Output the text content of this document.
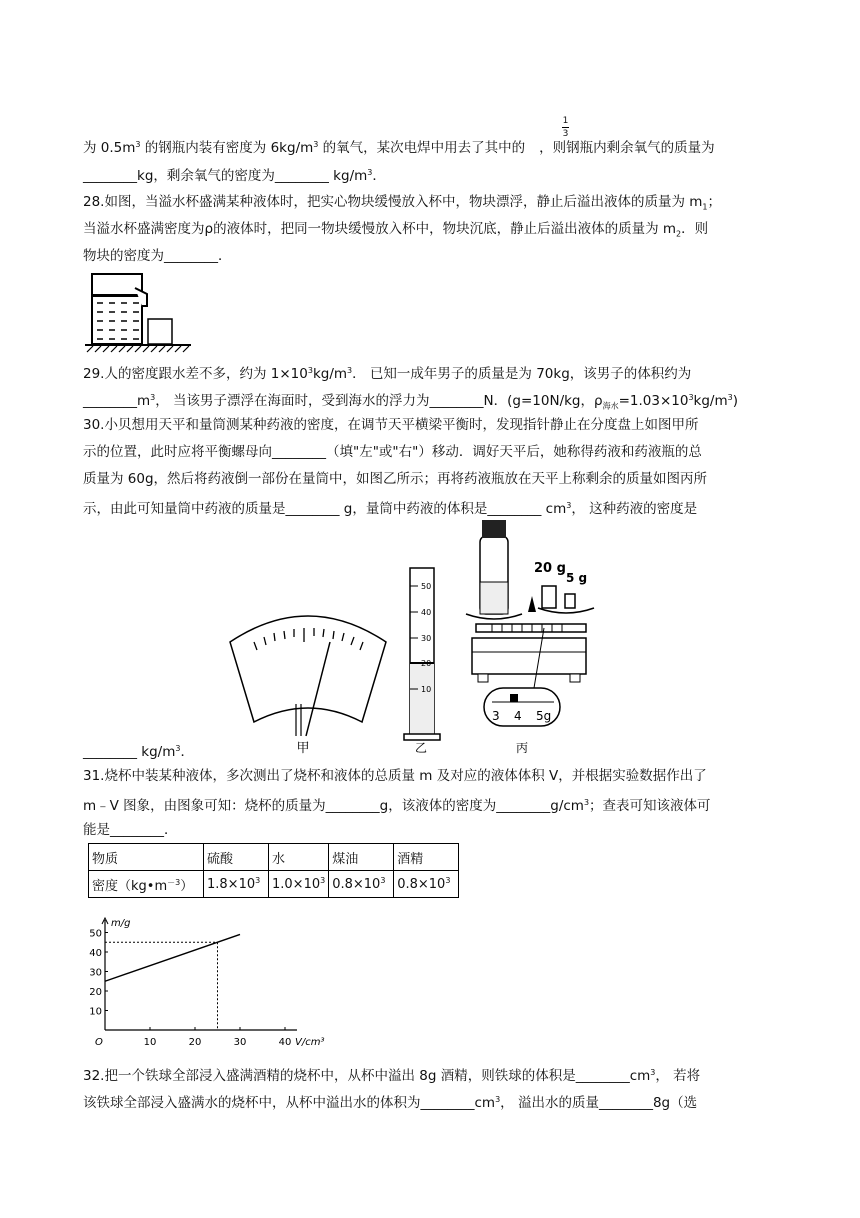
1
3
为 $0.5m^3$ 的钢瓶内装有密度为 $6kg/m^3$ 的氧气，某次电焊中用去了其中的 ，则钢瓶内剩余氧气的质量为
________kg，剩余氧气的密度为________ $kg/m^3$．
28.如图，当溢水杯盛满某种液体时，把实心物块缓慢放入杯中，物块漂浮，静止后溢出液体的质量为 $m_1$；
当溢水杯盛满密度为ρ的液体时，把同一物块缓慢放入杯中，物块沉底，静止后溢出液体的质量为 $m_2$．则
物块的密度为________．
29.人的密度跟水差不多，约为 $1\times 10^3kg/m^3$． 已知一成年男子的质量是为 70kg，该男子的体积约为
$\_\_\_\_\_\_\_\_m^3$， 当该男子漂浮在海面时，受到海水的浮力为________N．(g=10N/kg，$\rho_{海水}=1.03\times 10^3kg/m^3$)
30.小贝想用天平和量筒测某种药液的密度，在调节天平横梁平衡时，发现指针静止在分度盘上如图甲所
示的位置，此时应将平衡螺母向________（填"左"或"右"）移动．调好天平后，她称得药液和药液瓶的总
质量为 60g，然后将药液倒一部份在量筒中，如图乙所示；再将药液瓶放在天平上称剩余的质量如图丙所
示，由此可知量筒中药液的质量是________ g，量筒中药液的体积是________ $cm^3$， 这种药液的密度是
甲
50
40
30
20
10
乙
20 g
5 g
3 4 5g
丙
________ $kg/m^3$．
31.烧杯中装某种液体，多次测出了烧杯和液体的总质量 m 及对应的液体体积 V，并根据实验数据作出了
m﹣V 图象，由图象可知：烧杯的质量为________g，该液体的密度为$\_\_\_\_\_\_\_\_g/cm^3$；查表可知该液体可
能是________．
物质	硫酸	水	煤油	酒精
密度$(kg•m^{-3})$	$1.8\times 10^3$	$1.0\times 10^3$	$0.8\times 10^3$	$0.8\times 10^3$
50
40
30
20
10
O	10	20	30	40
m/g
V/cm³
32.把一个铁球全部浸入盛满酒精的烧杯中，从杯中溢出 8g 酒精，则铁球的体积是$\_\_\_\_\_\_\_\_cm^3$， 若将
该铁球全部浸入盛满水的烧杯中，从杯中溢出水的体积为$\_\_\_\_\_\_\_\_cm^3$， 溢出水的质量________8g（选
